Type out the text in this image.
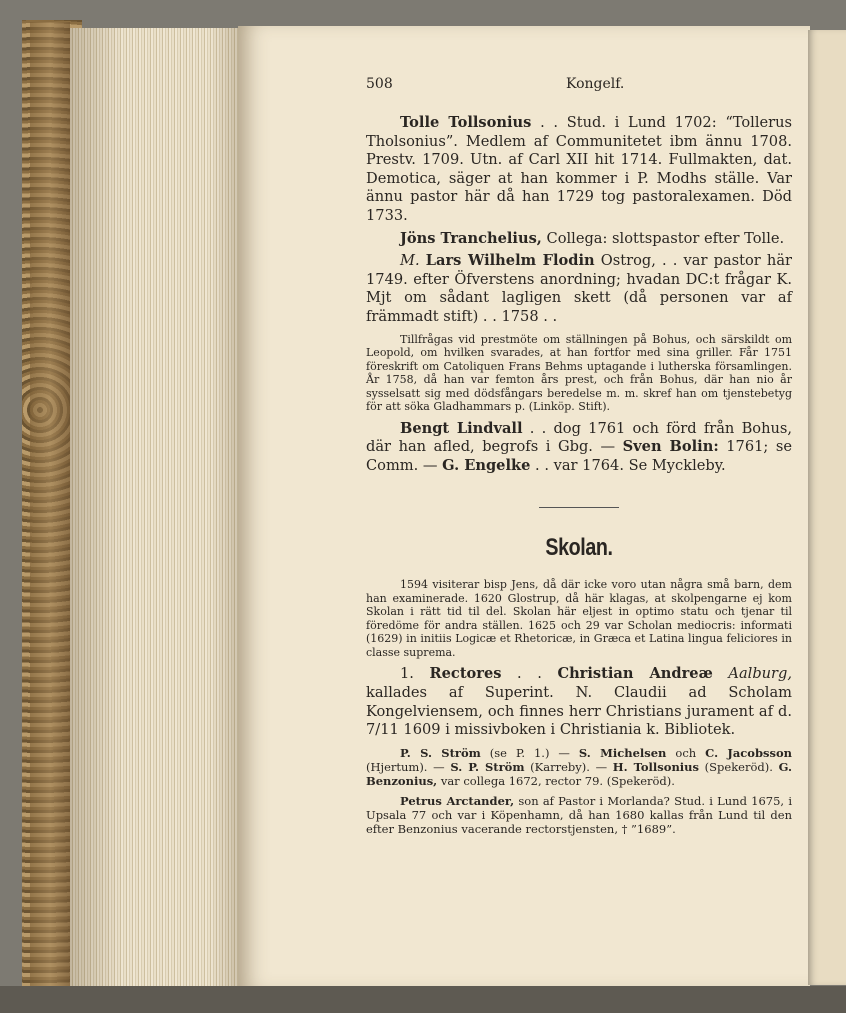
508	Kongelf.

Tolle Tollsonius . . Stud. i Lund 1702: “Tollerus Tholsonius”. Medlem af Communitetet ibm ännu 1708. Prestv. 1709. Utn. af Carl XII hit 1714. Fullmakten, dat. Demotica, säger at han kommer i P. Modhs ställe. Var ännu pastor här då han 1729 tog pastoralexamen. Död 1733.

Jöns Tranchelius, Collega: slottspastor efter Tolle.

M. Lars Wilhelm Flodin Ostrog, . . var pastor här 1749. efter Öfverstens anordning; hvadan DC:t frågar K. Mjt om sådant lagligen skett (då personen var af främmadt stift) . . 1758 . .

Tillfrågas vid prestmöte om ställningen på Bohus, och särskildt om Leopold, om hvilken svarades, at han fortfor med sina griller. Får 1751 föreskrift om Catoliquen Frans Behms uptagande i lutherska församlingen. År 1758, då han var femton års prest, och från Bohus, där han nio år sysselsatt sig med dödsfångars beredelse m. m. skref han om tjenstebetyg för att söka Gladhammars p. (Linköp. Stift).

Bengt Lindvall . . dog 1761 och förd från Bohus, där han afled, begrofs i Gbg. — Sven Bolin: 1761; se Comm. — G. Engelke . . var 1764. Se Myckleby.

Skolan.

1594 visiterar bisp Jens, då där icke voro utan några små barn, dem han examinerade. 1620 Glostrup, då här klagas, at skolpengarne ej kom Skolan i rätt tid til del. Skolan här eljest in optimo statu och tjenar til föredöme för andra ställen. 1625 och 29 var Scholan mediocris: informati (1629) in initiis Logicæ et Rhetoricæ, in Græca et Latina lingua feliciores in classe suprema.

1. Rectores . . Christian Andreæ Aalburg, kallades af Superint. N. Claudii ad Scholam Kongelviensem, och finnes herr Christians jurament af d. 7/11 1609 i missivboken i Christiania k. Bibliotek.

P. S. Ström (se P. 1.) — S. Michelsen och C. Jacobsson (Hjertum). — S. P. Ström (Karreby). — H. Tollsonius (Spekeröd). G. Benzonius, var collega 1672, rector 79. (Spekeröd).

Petrus Arctander, son af Pastor i Morlanda? Stud. i Lund 1675, i Upsala 77 och var i Köpenhamn, då han 1680 kallas från Lund til den efter Benzonius vacerande rectorstjensten, † ”1689”.
